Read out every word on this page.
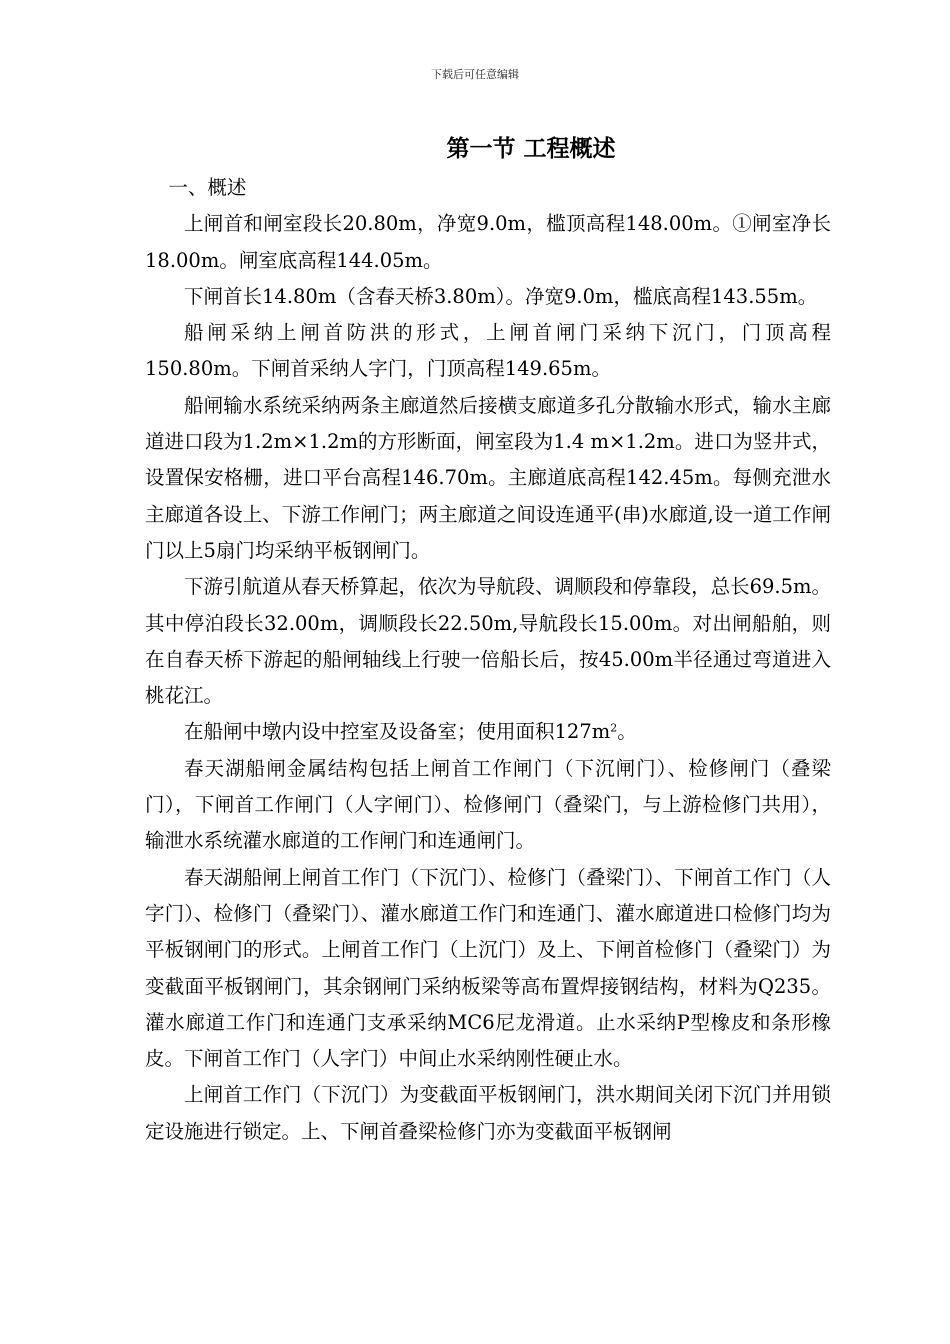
下载后可任意编辑
第一节 工程概述

一、概述

上闸首和闸室段长20.80m，净宽9.0m，槛顶高程148.00m。①闸室净长18.00m。闸室底高程144.05m。

下闸首长14.80m（含春天桥3.80m）。净宽9.0m，槛底高程143.55m。

船闸采纳上闸首防洪的形式，上闸首闸门采纳下沉门，门顶高程150.80m。下闸首采纳人字门，门顶高程149.65m。

船闸输水系统采纳两条主廊道然后接横支廊道多孔分散输水形式，输水主廊道进口段为1.2m×1.2m的方形断面，闸室段为1.4 m×1.2m。进口为竖井式，设置保安格栅，进口平台高程146.70m。主廊道底高程142.45m。每侧充泄水主廊道各设上、下游工作闸门；两主廊道之间设连通平(串)水廊道,设一道工作闸门以上5扇门均采纳平板钢闸门。

下游引航道从春天桥算起，依次为导航段、调顺段和停靠段，总长69.5m。其中停泊段长32.00m，调顺段长22.50m,导航段长15.00m。对出闸船舶，则在自春天桥下游起的船闸轴线上行驶一倍船长后，按45.00m半径通过弯道进入桃花江。

在船闸中墩内设中控室及设备室；使用面积$127m^2$。

春天湖船闸金属结构包括上闸首工作闸门（下沉闸门）、检修闸门（叠梁门），下闸首工作闸门（人字闸门）、检修闸门（叠梁门，与上游检修门共用），输泄水系统灌水廊道的工作闸门和连通闸门。

春天湖船闸上闸首工作门（下沉门）、检修门（叠梁门）、下闸首工作门（人字门）、检修门（叠梁门）、灌水廊道工作门和连通门、灌水廊道进口检修门均为平板钢闸门的形式。上闸首工作门（上沉门）及上、下闸首检修门（叠梁门）为变截面平板钢闸门，其余钢闸门采纳板梁等高布置焊接钢结构，材料为Q235。灌水廊道工作门和连通门支承采纳MC6尼龙滑道。止水采纳P型橡皮和条形橡皮。下闸首工作门（人字门）中间止水采纳刚性硬止水。

上闸首工作门（下沉门）为变截面平板钢闸门，洪水期间关闭下沉门并用锁定设施进行锁定。上、下闸首叠梁检修门亦为变截面平板钢闸
